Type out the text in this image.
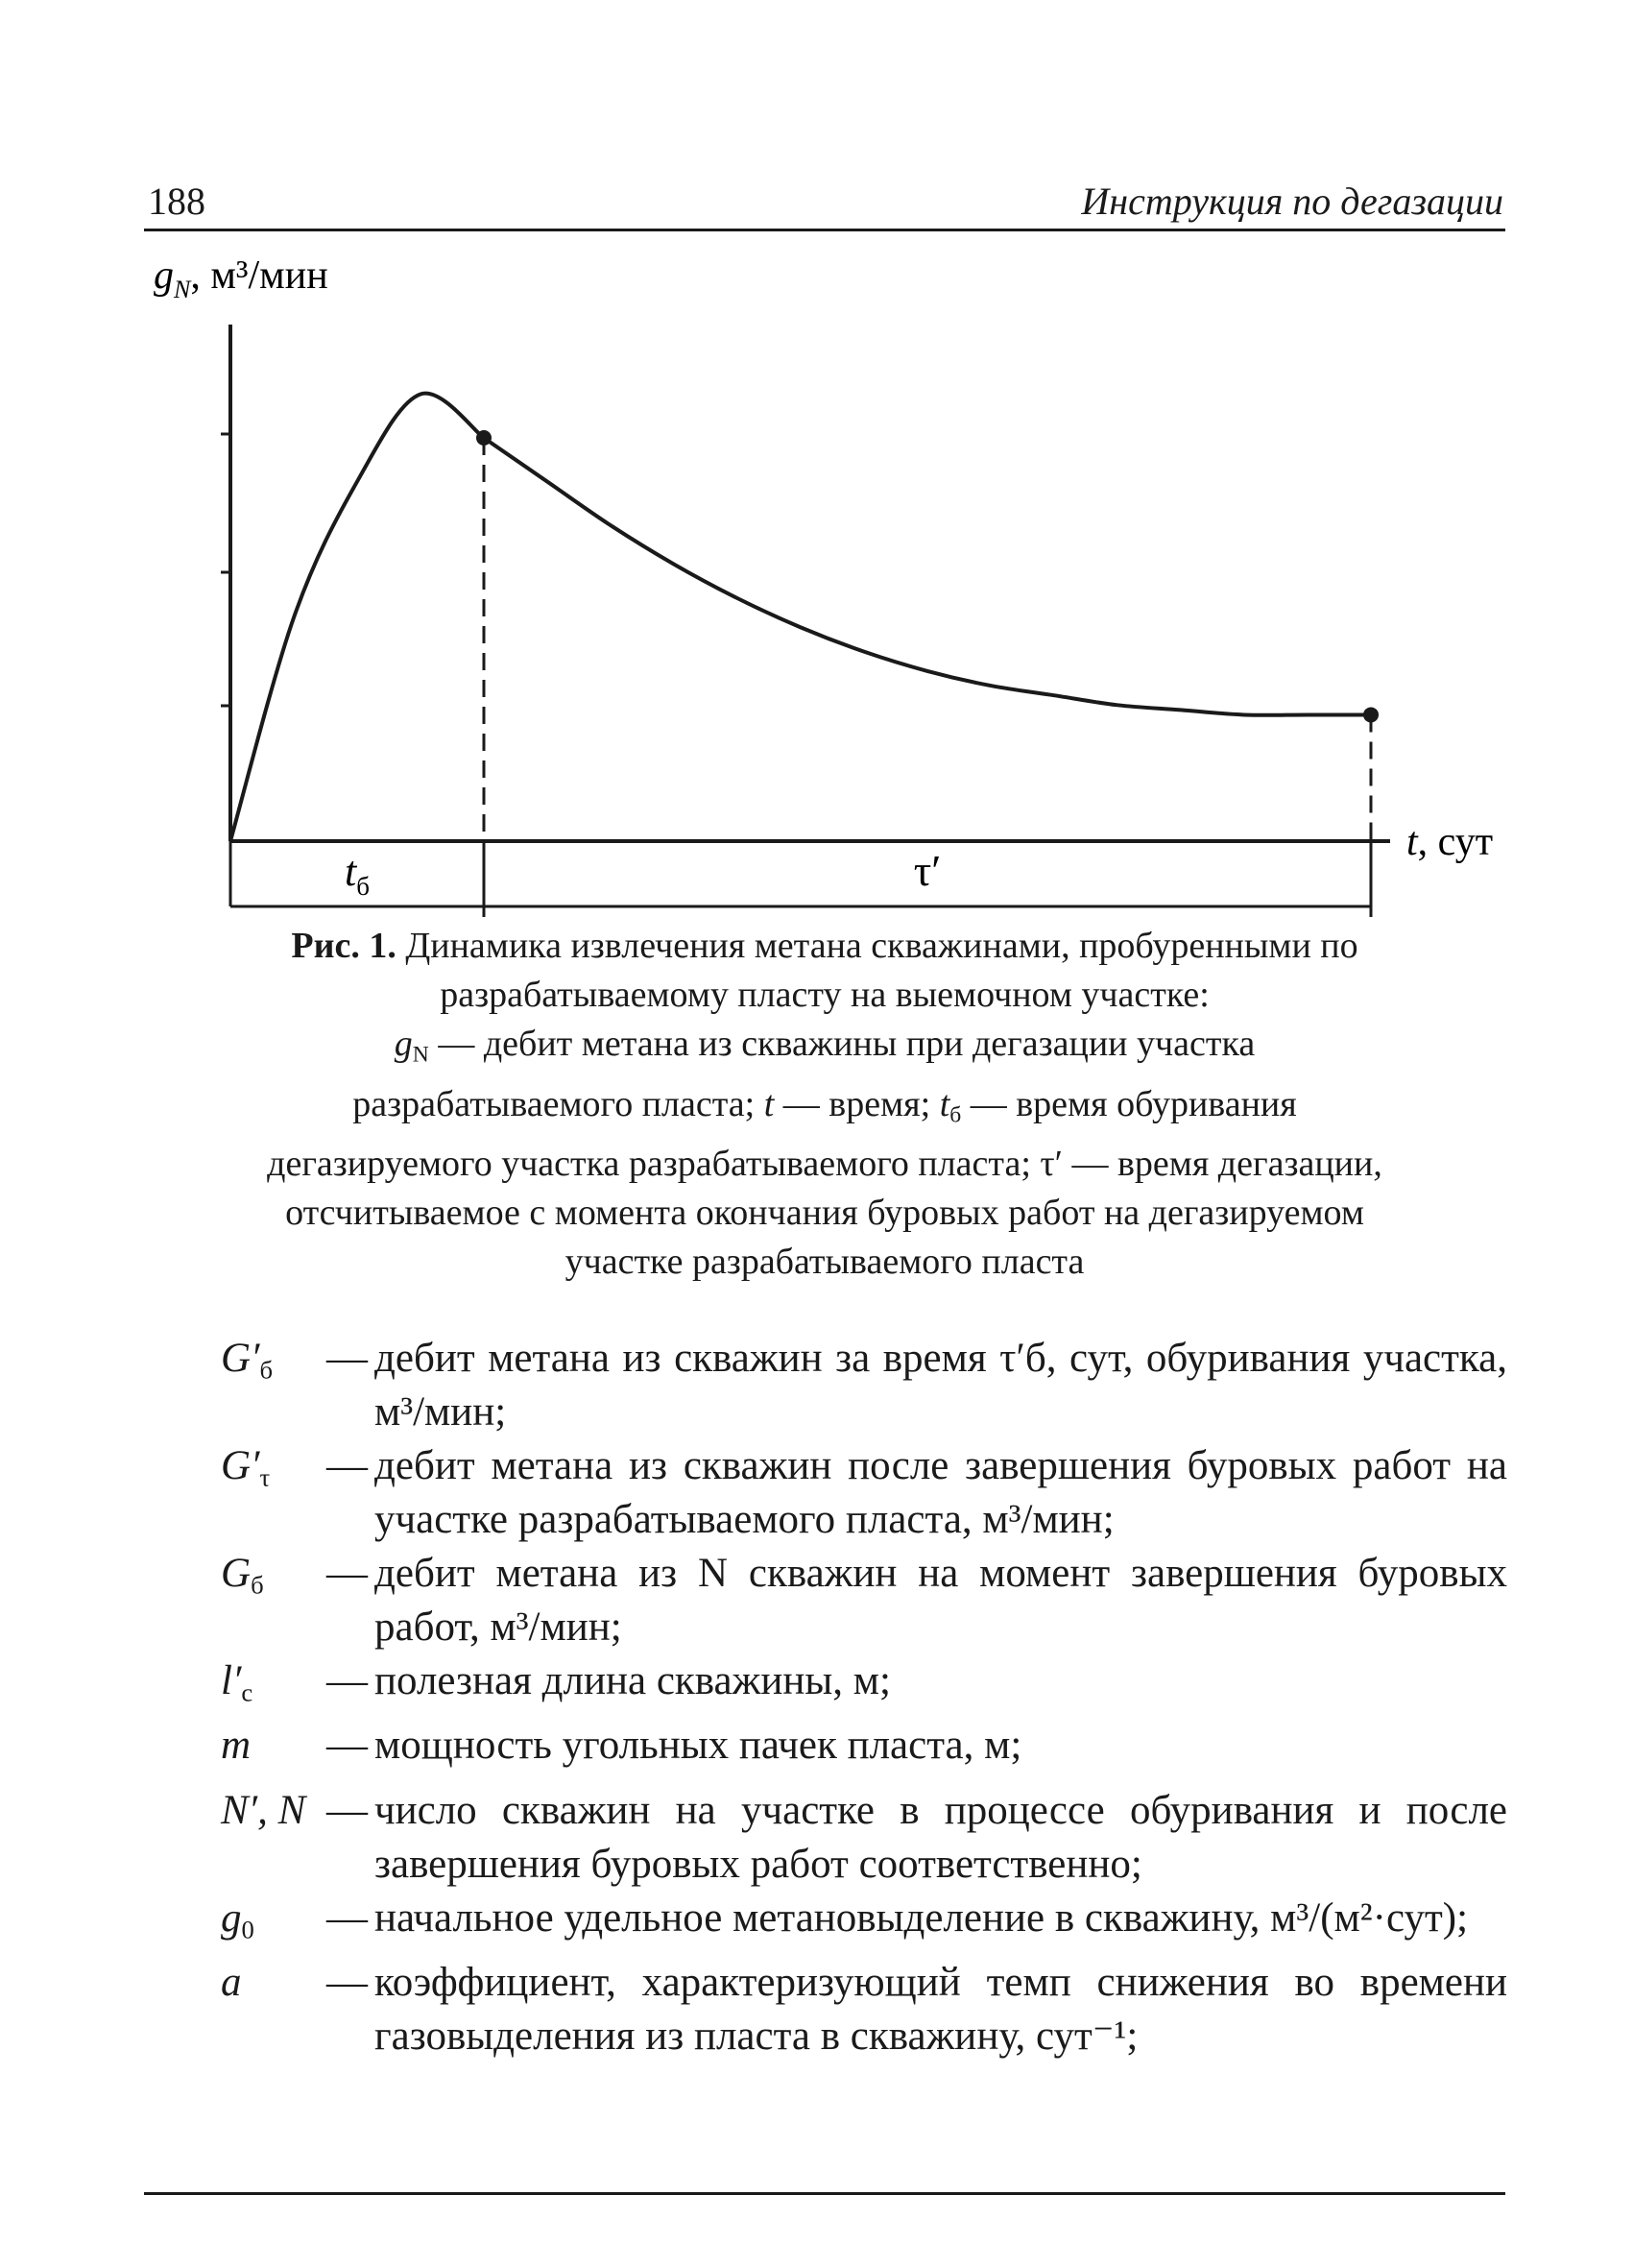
188	Инструкция по дегазации
$g_N$, м³/мин
t, сут
$t_б$	τ′
Рис. 1. Динамика извлечения метана скважинами, пробуренными по
разрабатываемому пласту на выемочном участке:
$g_N$ — дебит метана из скважины при дегазации участка
разрабатываемого пласта; t — время; $t_б$ — время обуривания
дегазируемого участка разрабатываемого пласта; τ′ — время дегазации,
отсчитываемое с момента окончания буровых работ на дегазируемом
участке разрабатываемого пласта
$G'_б$	— дебит метана из скважин за время τ′б, сут, обуривания участка, м³/мин;
$G'_\tau$	— дебит метана из скважин после завершения буровых работ на участке разрабатываемого пласта, м³/мин;
$G_б$	— дебит метана из N скважин на момент завершения буровых работ, м³/мин;
$l'_с$	— полезная длина скважины, м;
m	— мощность угольных пачек пласта, м;
N′, N — число скважин на участке в процессе обуривания и после завершения буровых работ соответственно;
$g_0$	— начальное удельное метановыделение в скважину, м³/(м²·сут);
a	— коэффициент, характеризующий темп снижения во времени газовыделения из пласта в скважину, сут⁻¹;
